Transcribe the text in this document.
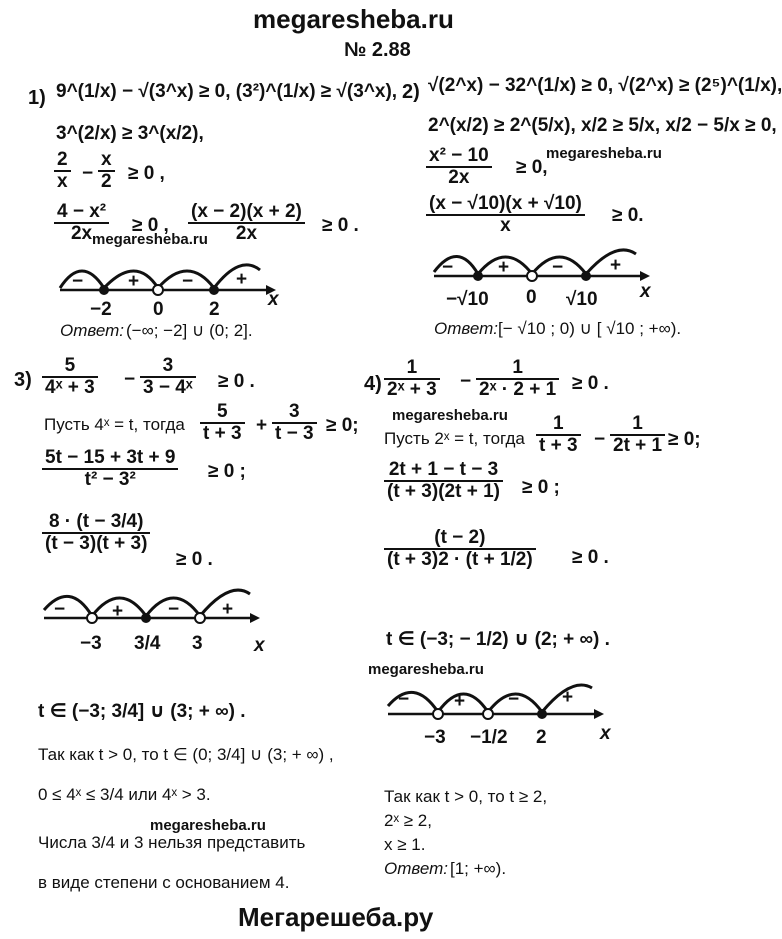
megaresheba.ru
№ 2.88
1) 9^(1/x) − √(3^x) ≥ 0, (3²)^(1/x) ≥ √(3^x),
3^(2/x) ≥ 3^(x/2),
2
x −
x
2 ≥ 0 ,
4 − x²
2x ≥ 0 ,
(x − 2)(x + 2)
2x	≥ 0 .
megaresheba.ru
− + − +
−2 0 2	x
Ответ: (−∞; −2] ∪ (0; 2].
2) √(2^x) − 32^(1/x) ≥ 0, √(2^x) ≥ (2⁵)^(1/x),
2^(x/2) ≥ 2^(5/x), x/2 ≥ 5/x, x/2 − 5/x ≥ 0,
x² − 10
2x ≥ 0,
megaresheba.ru
(x − √10)(x + √10)
x	≥ 0.
− + − +
−√10 0 √10 x
Ответ: [− √10 ; 0) ∪ [ √10 ; +∞).
3)
5
4ˣ + 3 −
3
3 − 4ˣ ≥ 0 .
Пусть 4ˣ = t, тогда
5
t + 3 +
3
t − 3 ≥ 0;
5t − 15 + 3t + 9
t² − 3²	≥ 0 ;
8 · (t − 3/4)
(t − 3)(t + 3)
≥ 0 .
− + − +
−3 3/4 3	x
t ∈ (−3; 3/4] ∪ (3; + ∞) .
Так как t > 0, то t ∈ (0; 3/4] ∪ (3; + ∞) ,
0 ≤ 4ˣ ≤ 3/4 или 4ˣ > 3.
megaresheba.ru
Числа 3/4 и 3 нельзя представить
в виде степени с основанием 4.
4)
1
2ˣ + 3 −
1
2ˣ · 2 + 1 ≥ 0 .
megaresheba.ru
Пусть 2ˣ = t, тогда
1
t + 3 −
1
2t + 1 ≥ 0;
2t + 1 − t − 3
(t + 3)(2t + 1) ≥ 0 ;
(t − 2)
(t + 3)2 · (t + 1/2) ≥ 0 .
t ∈ (−3; − 1/2) ∪ (2; + ∞) .
megaresheba.ru
− + − +
−3 −1/2 2	x
Так как t > 0, то t ≥ 2,
2ˣ ≥ 2,
x ≥ 1.
Ответ: [1; +∞).
Мегарешеба.ру
